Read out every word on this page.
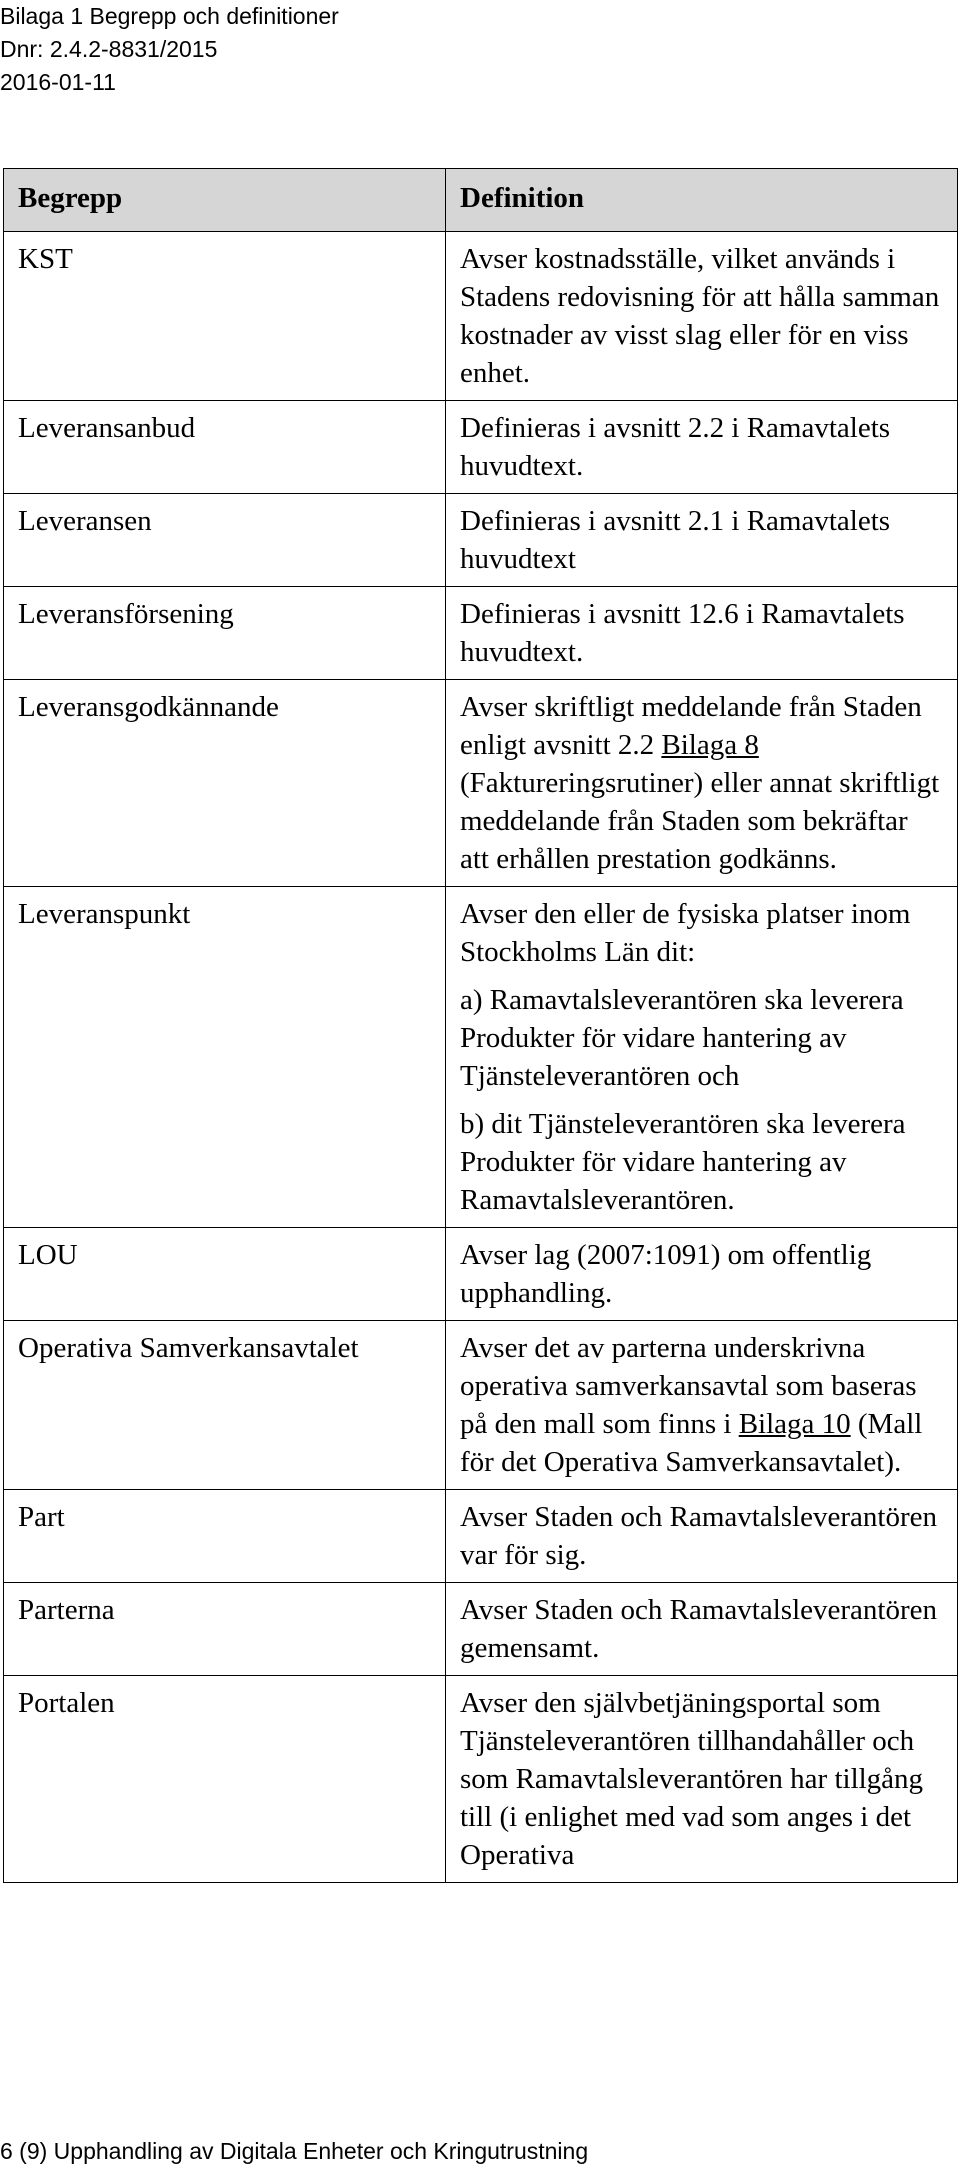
Bilaga 1 Begrepp och definitioner
Dnr: 2.4.2-8831/2015
2016-01-11
Begrepp	Definition
KST	Avser kostnadsställe, vilket används i Stadens redovisning för att hålla samman kostnader av visst slag eller för en viss enhet.
Leveransanbud	Definieras i avsnitt 2.2 i Ramavtalets huvudtext.
Leveransen	Definieras i avsnitt 2.1 i Ramavtalets huvudtext
Leveransförsening	Definieras i avsnitt 12.6 i Ramavtalets huvudtext.
Leveransgodkännande	Avser skriftligt meddelande från Staden enligt avsnitt 2.2 Bilaga 8 (Faktureringsrutiner) eller annat skriftligt meddelande från Staden som bekräftar att erhållen prestation godkänns.
Leveranspunkt	Avser den eller de fysiska platser inom Stockholms Län dit:

a) Ramavtalsleverantören ska leverera Produkter för vidare hantering av Tjänsteleverantören och

b) dit Tjänsteleverantören ska leverera Produkter för vidare hantering av Ramavtalsleverantören.

LOU	Avser lag (2007:1091) om offentlig upphandling.
Operativa Samverkansavtalet	Avser det av parterna underskrivna operativa samverkansavtal som baseras på den mall som finns i Bilaga 10 (Mall för det Operativa Samverkansavtalet).
Part	Avser Staden och Ramavtalsleverantören var för sig.
Parterna	Avser Staden och Ramavtalsleverantören gemensamt.
Portalen	Avser den självbetjäningsportal som Tjänsteleverantören tillhandahåller och som Ramavtalsleverantören har tillgång till (i enlighet med vad som anges i det Operativa
6 (9) Upphandling av Digitala Enheter och Kringutrustning
